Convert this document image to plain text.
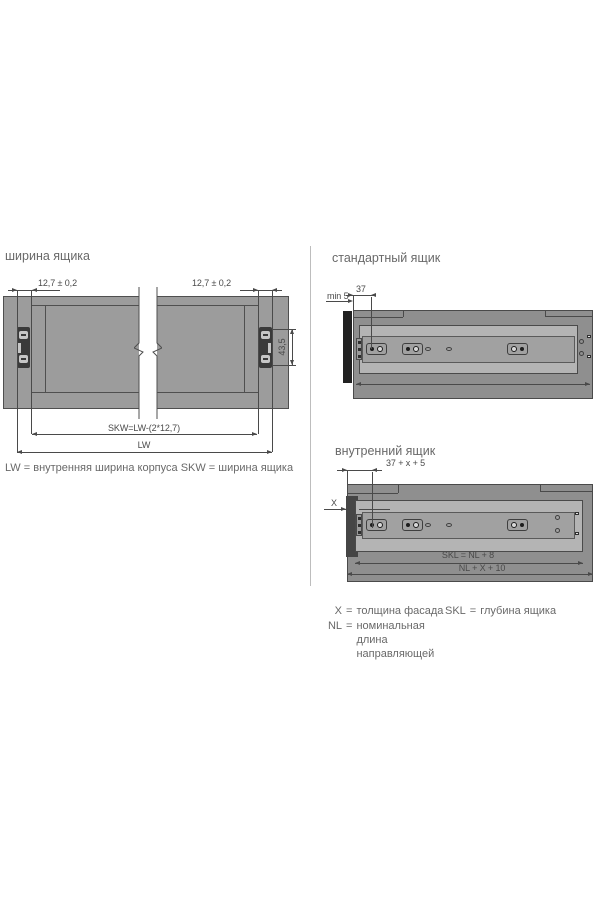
ширина ящика
12,7 ± 0,2	12,7 ± 0,2
43,5
SKW=LW-(2*12,7)
LW
LW = внутренняя ширина корпуса SKW = ширина ящика
стандартный ящик
37
min 5
внутренний ящик
X
37 + x + 5
SKL = NL + 8
NL + X + 10
X = толщина фасада
NL = номинальная длина направляющей
SKL = глубина ящика
